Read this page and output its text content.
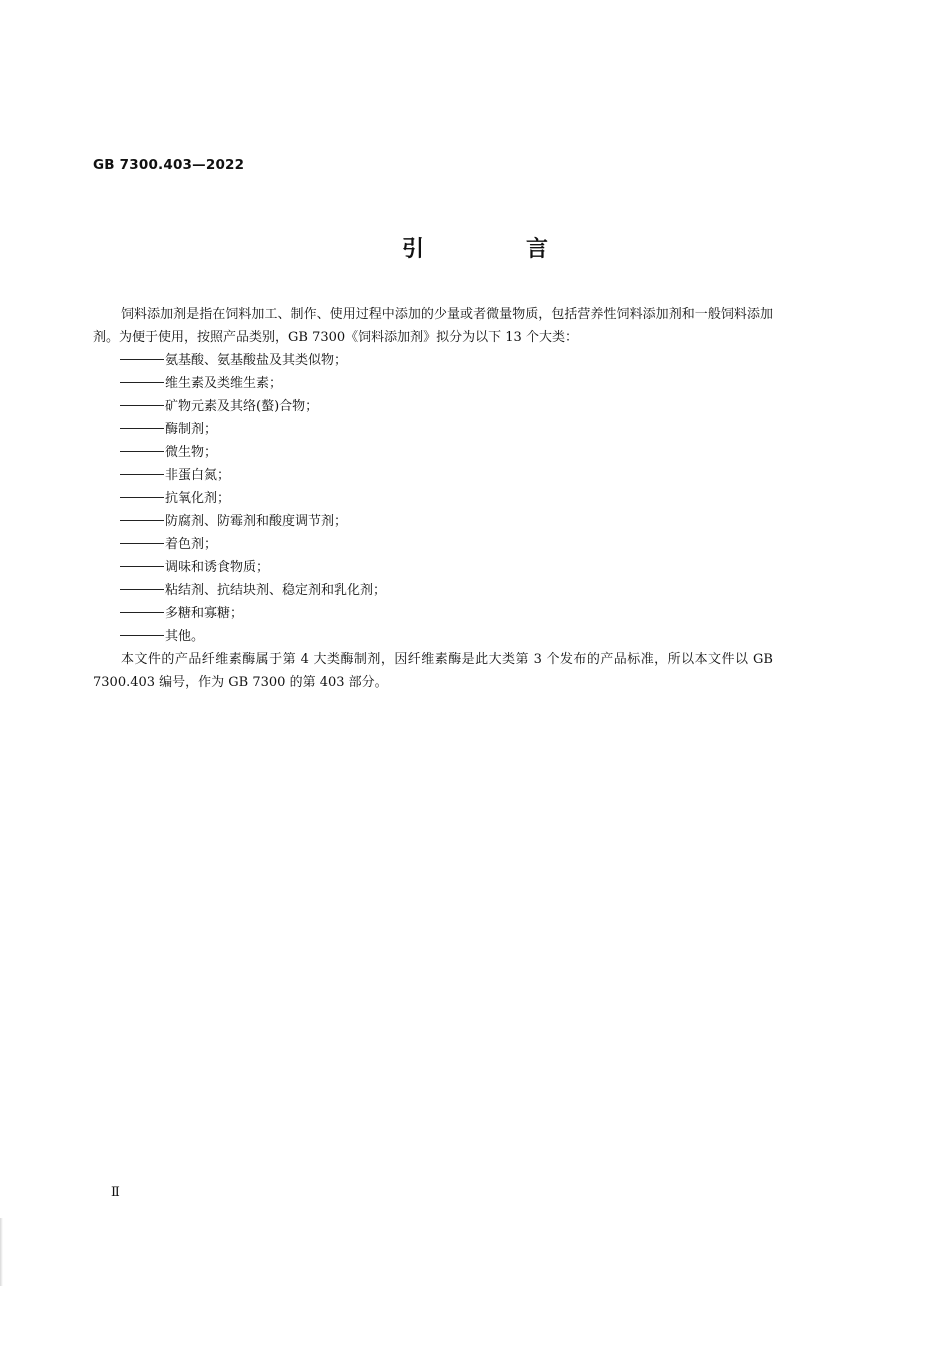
GB 7300.403—2022
引　言

饲料添加剂是指在饲料加工、制作、使用过程中添加的少量或者微量物质，包括营养性饲料添加剂和一般饲料添加剂。为便于使用，按照产品类别，GB 7300《饲料添加剂》拟分为以下 13 个大类：

氨基酸、氨基酸盐及其类似物；
维生素及类维生素；
矿物元素及其络(螯)合物；
酶制剂；
微生物；
非蛋白氮；
抗氧化剂；
防腐剂、防霉剂和酸度调节剂；
着色剂；
调味和诱食物质；
粘结剂、抗结块剂、稳定剂和乳化剂；
多糖和寡糖；
其他。

本文件的产品纤维素酶属于第 4 大类酶制剂，因纤维素酶是此大类第 3 个发布的产品标准，所以本文件以 GB 7300.403 编号，作为 GB 7300 的第 403 部分。

Ⅱ
